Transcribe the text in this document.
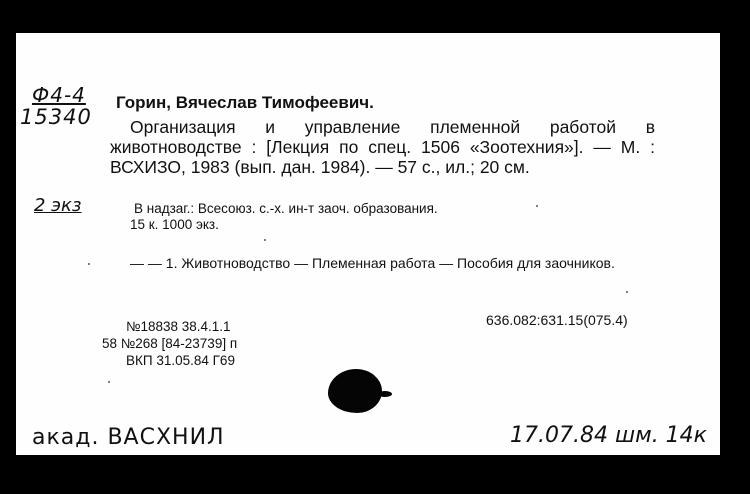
Ф4-4
15340
Горин, Вячеслав Тимофеевич.
Организация и управление племенной работой в животноводстве : [Лекция по спец. 1506 «Зоотехния»]. — М. : ВСХИЗО, 1983 (вып. дан. 1984). — 57 с., ил.; 20 см.
2 экз	В надзаг.: Всесоюз. с.-х. ин-т заоч. образования.
15 к. 1000 экз.
— — 1. Животноводство — Племенная работа — Пособия для заочников.
636.082:631.15(075.4)
№18838 38.4.1.1
58 №268 [84-23739] п
ВКП 31.05.84 Г69
акад. ВАСХНИЛ	17.07.84 шм. 14к
